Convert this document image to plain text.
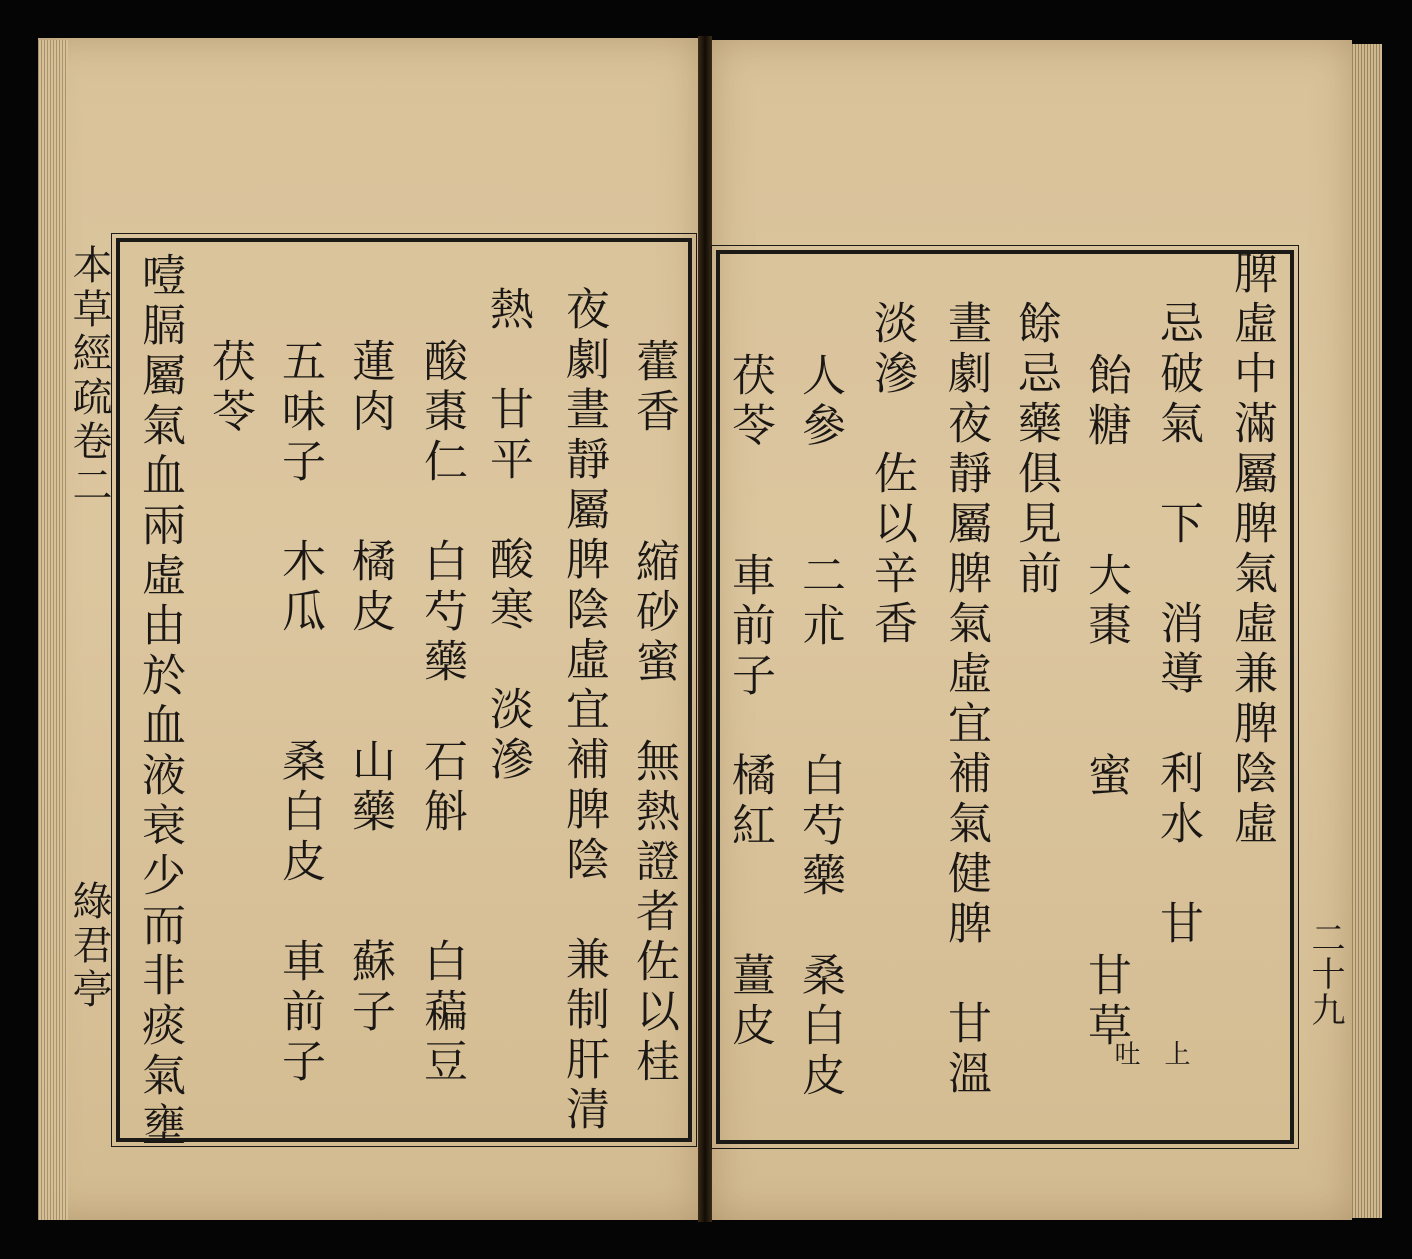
本草經疏卷二
綠君亭	藿香　　縮砂蜜　無熱證者佐以桂
夜劇晝靜屬脾陰虛宜補脾陰　兼制肝清
熱　甘平　酸寒　淡滲
酸棗仁　白芍藥　石斛　　白藊豆
蓮肉　　橘皮　　山藥　　蘇子
五味子　木瓜　　桑白皮　車前子
茯苓
噎膈屬氣血兩虛由於血液衰少而非痰氣壅	脾虛中滿屬脾氣虛兼脾陰虛
忌破氣　下　消導　利水　甘
飴糖　　大棗　　蜜　　　甘草
上
吐
餘忌藥俱見前
晝劇夜靜屬脾氣虛宜補氣健脾　甘溫
淡滲　佐以辛香
人參　　二朮　　白芍藥　桑白皮
茯苓　　車前子　橘紅　　薑皮	二十九
